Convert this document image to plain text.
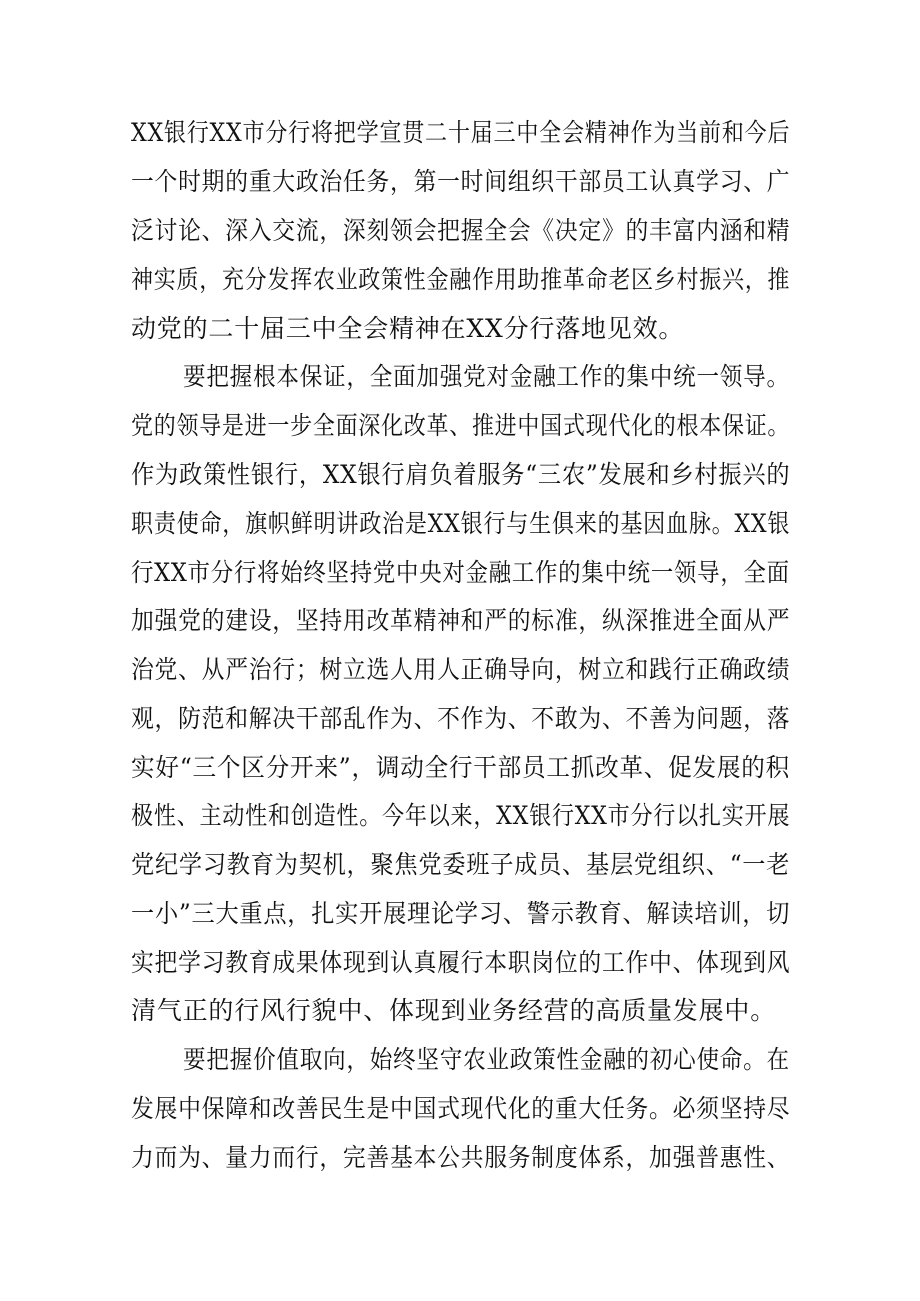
XX银行XX市分行将把学宣贯二十届三中全会精神作为当前和今后
一个时期的重大政治任务，第一时间组织干部员工认真学习、广
泛讨论、深入交流，深刻领会把握全会《决定》的丰富内涵和精
神实质，充分发挥农业政策性金融作用助推革命老区乡村振兴，推
动党的二十届三中全会精神在XX分行落地见效。
要把握根本保证，全面加强党对金融工作的集中统一领导。
党的领导是进一步全面深化改革、推进中国式现代化的根本保证。
作为政策性银行，XX银行肩负着服务“三农”发展和乡村振兴的
职责使命，旗帜鲜明讲政治是XX银行与生俱来的基因血脉。XX银
行XX市分行将始终坚持党中央对金融工作的集中统一领导，全面
加强党的建设，坚持用改革精神和严的标准，纵深推进全面从严
治党、从严治行；树立选人用人正确导向，树立和践行正确政绩
观，防范和解决干部乱作为、不作为、不敢为、不善为问题，落
实好“三个区分开来”，调动全行干部员工抓改革、促发展的积
极性、主动性和创造性。今年以来，XX银行XX市分行以扎实开展
党纪学习教育为契机，聚焦党委班子成员、基层党组织、“一老
一小”三大重点，扎实开展理论学习、警示教育、解读培训，切
实把学习教育成果体现到认真履行本职岗位的工作中、体现到风
清气正的行风行貌中、体现到业务经营的高质量发展中。
要把握价值取向，始终坚守农业政策性金融的初心使命。在
发展中保障和改善民生是中国式现代化的重大任务。必须坚持尽
力而为、量力而行，完善基本公共服务制度体系，加强普惠性、
